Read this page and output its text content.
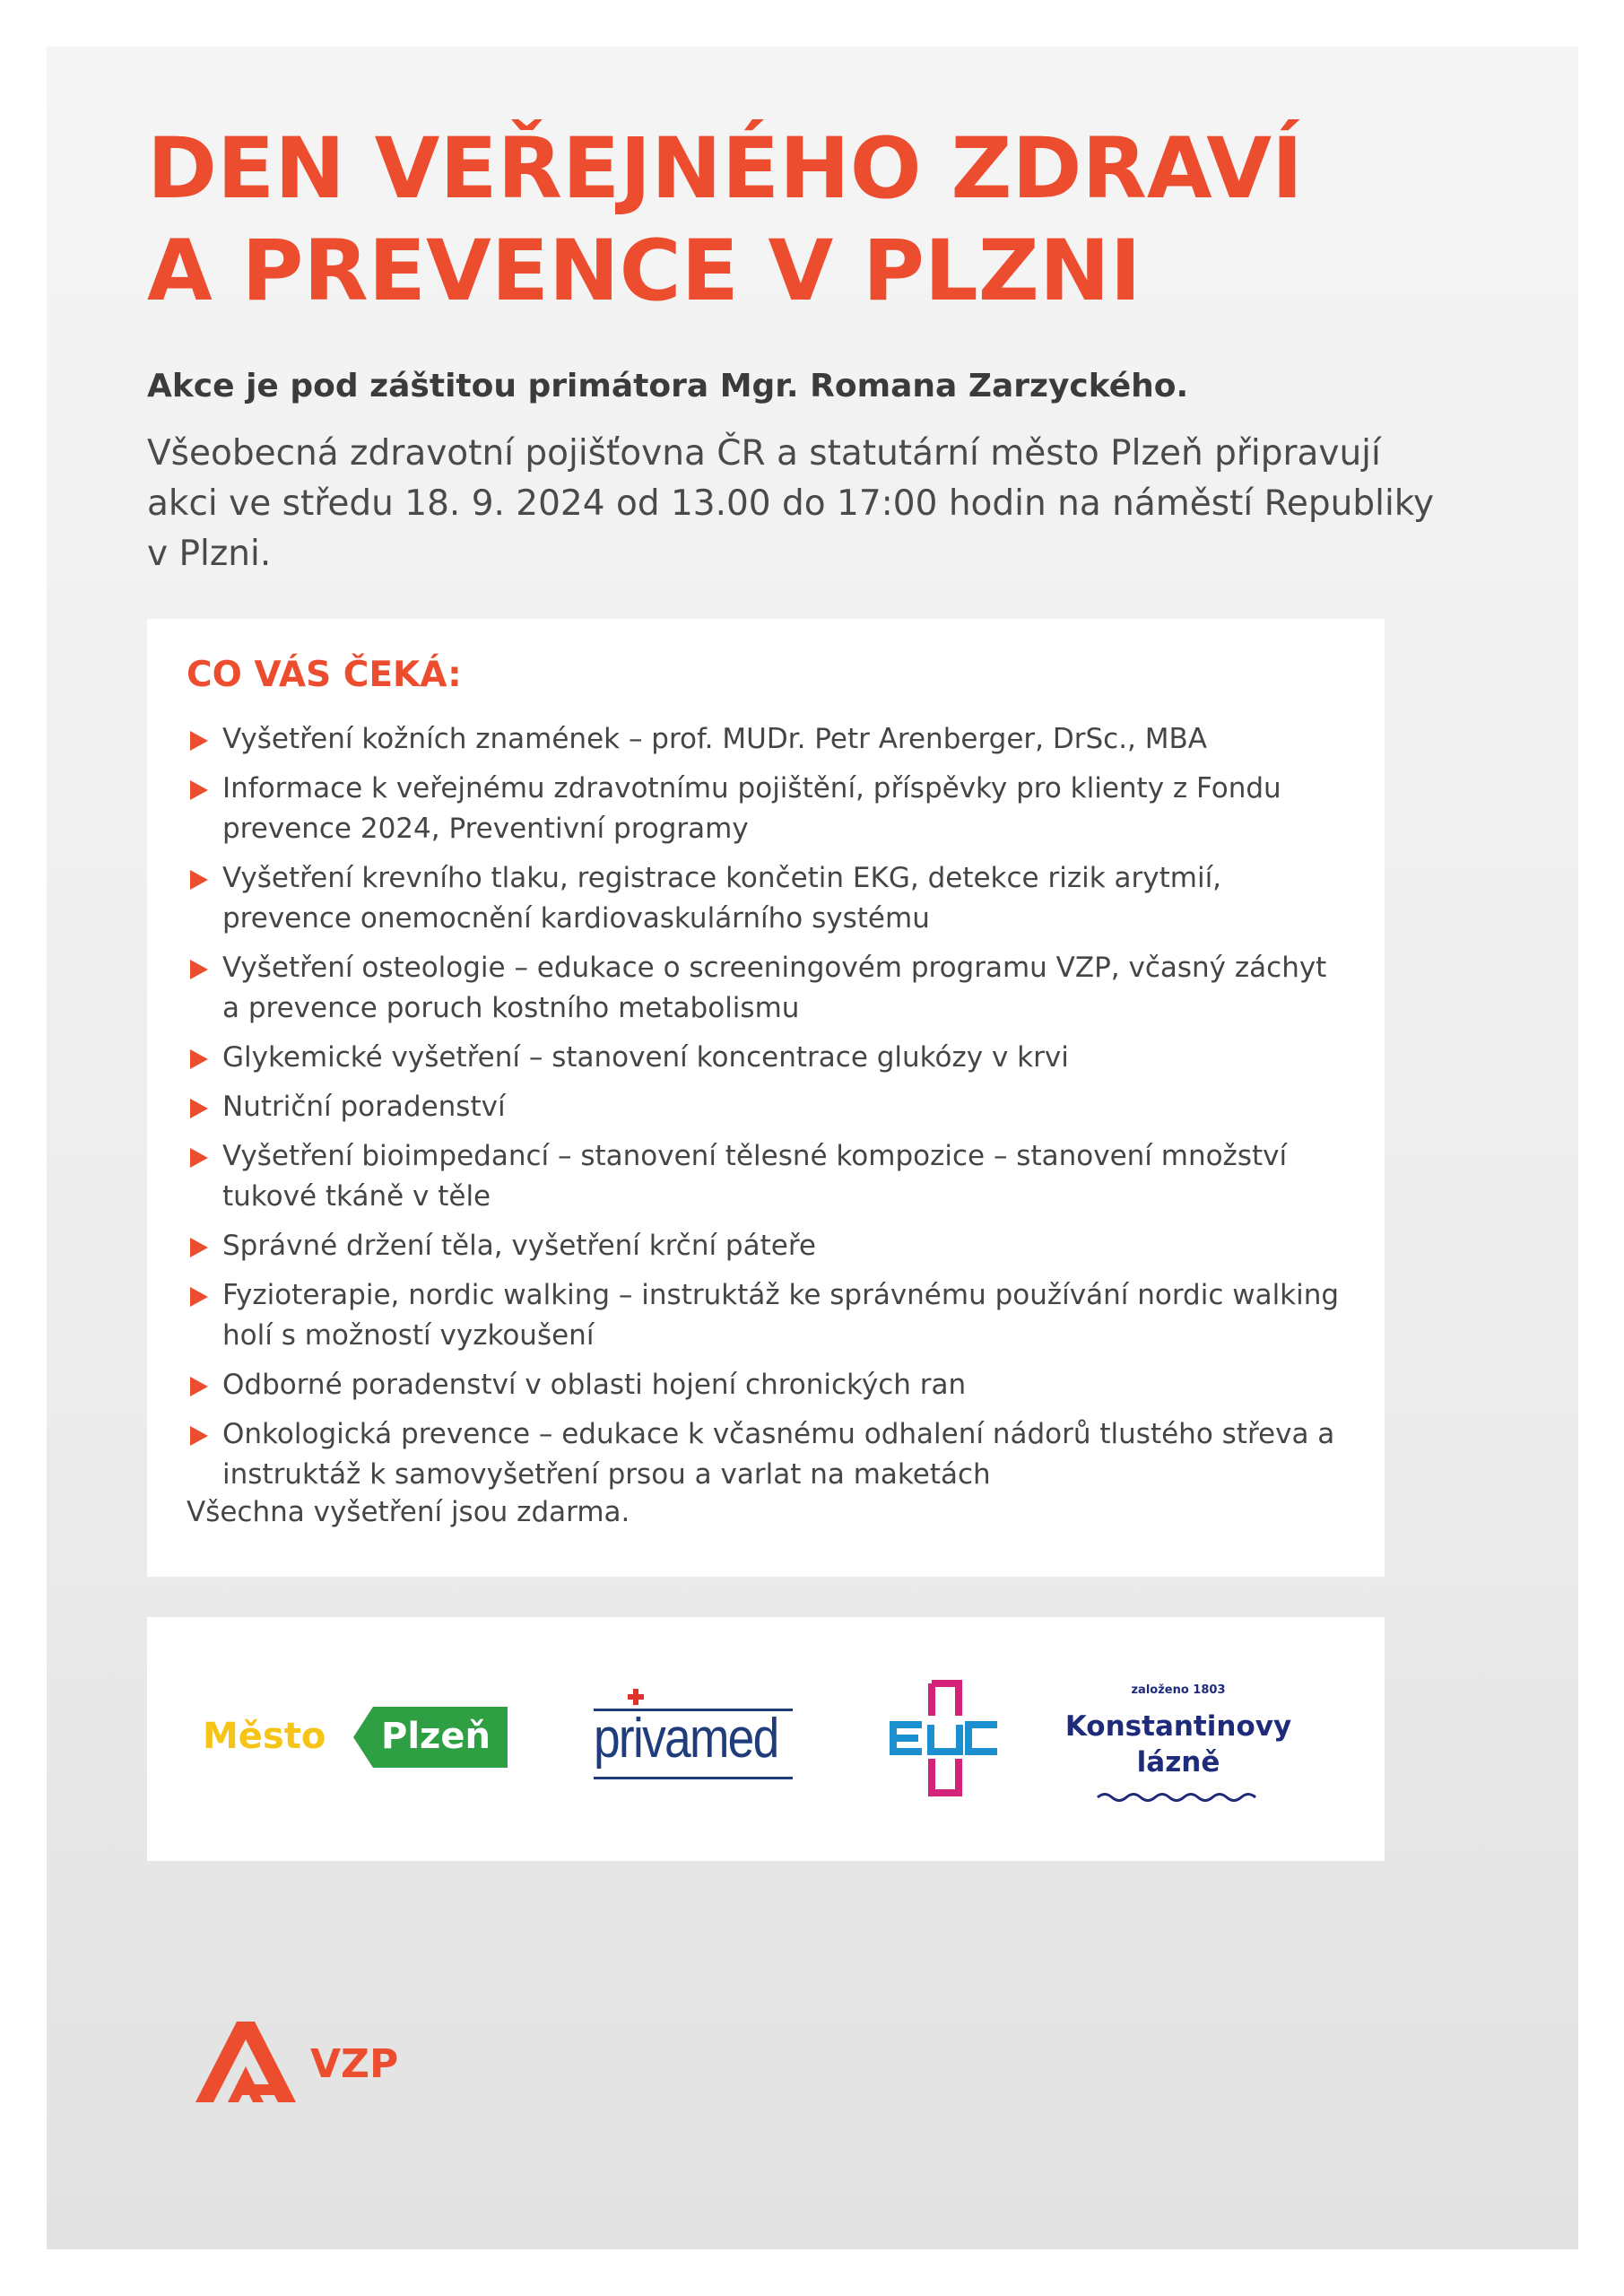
DEN VEŘEJNÉHO ZDRAVÍ
A PREVENCE V PLZNI

Akce je pod záštitou primátora Mgr. Romana Zarzyckého.

Všeobecná zdravotní pojišťovna ČR a statutární město Plzeň připravují akci ve středu 18. 9. 2024 od 13.00 do 17:00 hodin na náměstí Republiky v Plzni.

CO VÁS ČEKÁ:
Vyšetření kožních znamének – prof. MUDr. Petr Arenberger, DrSc., MBA
Informace k veřejnému zdravotnímu pojištění, příspěvky pro klienty z Fondu prevence 2024, Preventivní programy
Vyšetření krevního tlaku, registrace končetin EKG, detekce rizik arytmií, prevence onemocnění kardiovaskulárního systému
Vyšetření osteologie – edukace o screeningovém programu VZP, včasný záchyt a prevence poruch kostního metabolismu
Glykemické vyšetření – stanovení koncentrace glukózy v krvi
Nutriční poradenství
Vyšetření bioimpedancí – stanovení tělesné kompozice – stanovení množství tukové tkáně v těle
Správné držení těla, vyšetření krční páteře
Fyzioterapie, nordic walking – instruktáž ke správnému používání nordic walking holí s možností vyzkoušení
Odborné poradenství v oblasti hojení chronických ran
Onkologická prevence – edukace k včasnému odhalení nádorů tlustého střeva a instruktáž k samovyšetření prsou a varlat na maketách

Všechna vyšetření jsou zdarma.

Město Plzeň privamed
založeno 1803
Konstantinovy
lázně
VZP
